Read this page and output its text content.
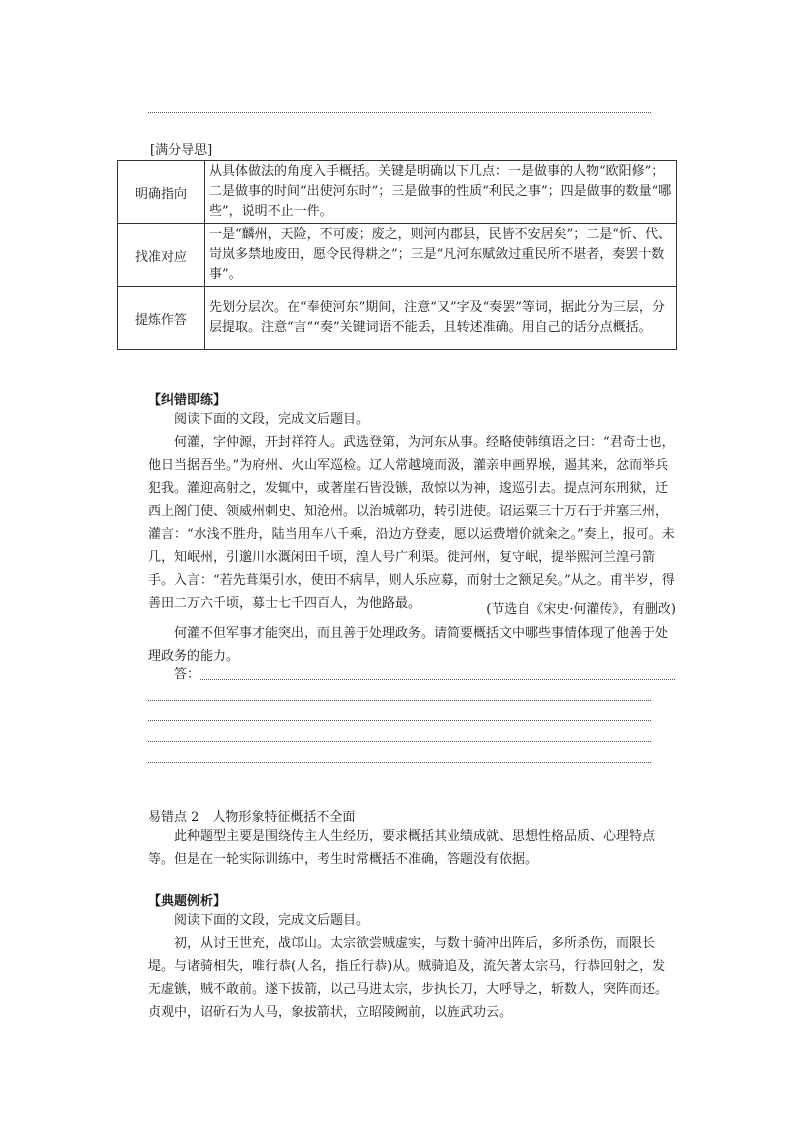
[满分导思]
明确指向	从具体做法的角度入手概括。关键是明确以下几点：一是做事的人物“欧阳修”；二是做事的时间“出使河东时”；三是做事的性质“利民之事”；四是做事的数量“哪些”，说明不止一件。
找准对应	一是“麟州，天险，不可废；废之，则河内郡县，民皆不安居矣”；二是“忻、代、岢岚多禁地废田，愿令民得耕之”；三是“凡河东赋敛过重民所不堪者，奏罢十数事”。
提炼作答	先划分层次。在“奉使河东”期间，注意“又”字及“奏罢”等词，据此分为三层，分层提取。注意“言”“奏”关键词语不能丢，且转述准确。用自己的话分点概括。
【纠错即练】

阅读下面的文段，完成文后题目。

何灌，字仲源，开封祥符人。武选登第，为河东从事。经略使韩缜语之曰：“君奇士也，他日当据吾坐。”为府州、火山军巡检。辽人常越境而汲，灌亲申画界堠，遏其来，忿而举兵犯我。灌迎高射之，发辄中，或著崖石皆没镞，敌惊以为神，逡巡引去。提点河东刑狱，迁西上阁门使、领威州刺史、知沧州。以治城鄣功，转引进使。诏运粟三十万石于并塞三州，灌言：“水浅不胜舟，陆当用车八千乘，沿边方登麦，愿以运费增价就籴之。”奏上，报可。未几，知岷州，引邈川水溉闲田千顷，湟人号广利渠。徙河州，复守岷，提举熙河兰湟弓箭手。入言：“若先葺渠引水，使田不病旱，则人乐应募，而射士之额足矣。”从之。甫半岁，得善田二万六千顷，募士七千四百人，为他路最。	(节选自《宋史·何灌传》，有删改)

何灌不但军事才能突出，而且善于处理政务。请简要概括文中哪些事情体现了他善于处理政务的能力。

答：
易错点 2　人物形象特征概括不全面

此种题型主要是围绕传主人生经历，要求概括其业绩成就、思想性格品质、心理特点等。但是在一轮实际训练中，考生时常概括不准确，答题没有依据。

【典题例析】

阅读下面的文段，完成文后题目。

初，从讨王世充，战邙山。太宗欲尝贼虚实，与数十骑冲出阵后，多所杀伤，而限长堤。与诸骑相失，唯行恭(人名，指丘行恭)从。贼骑追及，流矢著太宗马，行恭回射之，发无虚镞，贼不敢前。遂下拔箭，以己马进太宗，步执长刀，大呼导之，斩数人，突阵而还。贞观中，诏斫石为人马，象拔箭状，立昭陵阙前，以旌武功云。
